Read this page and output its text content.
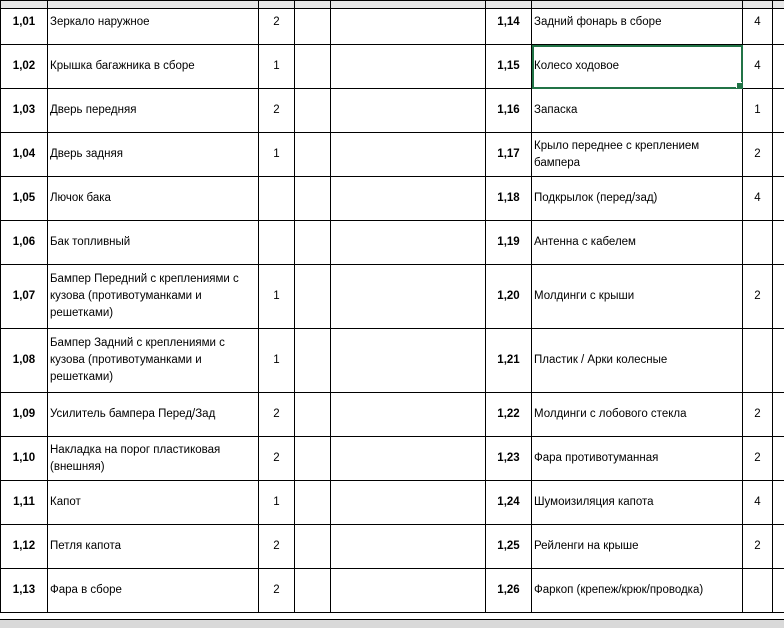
1,01	Зеркало наружное	2			1,14	Задний фонарь в сборе	4	
1,02	Крышка багажника в сборе	1			1,15	Колесо ходовое	4	
1,03	Дверь передняя	2			1,16	Запаска	1	
1,04	Дверь задняя	1			1,17	Крыло переднее с креплением бампера	2	
1,05	Лючок бака				1,18	Подкрылок (перед/зад)	4	
1,06	Бак топливный				1,19	Антенна с кабелем		
1,07	Бампер Передний с креплениями с кузова (противотуманками и решетками)	1			1,20	Молдинги с крыши	2	
1,08	Бампер Задний с креплениями с кузова (противотуманками и решетками)	1			1,21	Пластик / Арки колесные		
1,09	Усилитель бампера Перед/Зад	2			1,22	Молдинги с лобового стекла	2	
1,10	Накладка на порог пластиковая (внешняя)	2			1,23	Фара противотуманная	2	
1,11	Капот	1			1,24	Шумоизиляция капота	4	
1,12	Петля капота	2			1,25	Рейленги на крыше	2	
1,13	Фара в сборе	2			1,26	Фаркоп (крепеж/крюк/проводка)		
